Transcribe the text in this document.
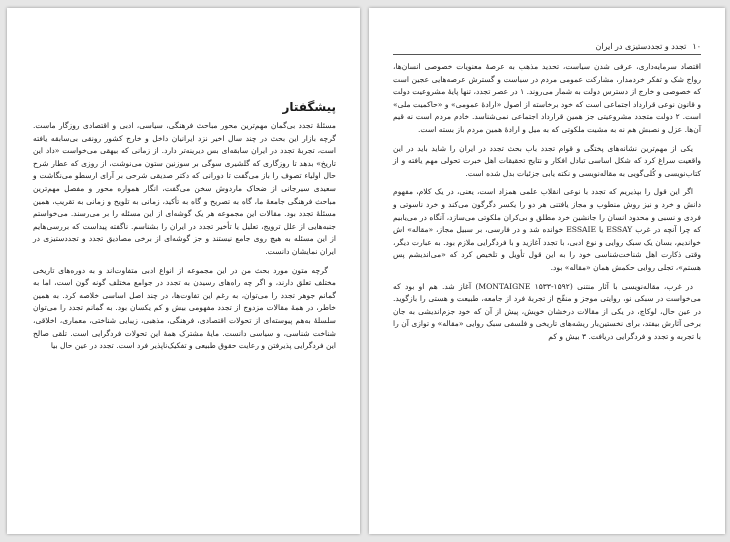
پیشگفتار

مسئلهٔ تجدد بی‌گمان مهم‌ترین محور مباحث فرهنگی، سیاسی، ادبی و اقتصادی روزگار ماست. گرچه بازار این بحث در چند سال اخیر نزد ایرانیان داخل و خارج کشور رونقی بی‌سابقه یافته است، تجربهٔ تجدد در ایران سابقه‌ای بس دیرینه‌تر دارد. از زمانی که بیهقی می‌خواست «داد این تاریخ» بدهد تا روزگاری که گلشیری سوگی بر سوزنین ستون می‌نوشت، از روزی که عطار شرح حال اولیاء تصوف را باز می‌گفت تا دورانی که دکتر صدیقی شرحی بر آرای ارسطو می‌نگاشت و سعیدی سیرجانی از ضحاک ماردوش سخن می‌گفت، انگار همواره محور و مفصل مهم‌ترین مباحث فرهنگی جامعهٔ ما، گاه به تصریح و گاه به تأکید، زمانی به تلویح و زمانی به تقریب، همین مسئلهٔ تجدد بود. مقالات این مجموعه هر یک گوشه‌ای از این مسئله را بر می‌رسند. می‌خواستم جنبه‌هایی از علل ترویج، تعلیل یا تأخیر تجدد در ایران را بشناسم. ناگفته پیداست که بررسی‌هایم از این مسئله به هیچ روی جامع نیستند و جز گوشه‌ای از برخی مصادیق تجدد و تجددستیزی در ایران نمایشان دانست.

گرچه متون مورد بحث من در این مجموعه از انواع ادبی متفاوت‌اند و به دوره‌های تاریخی مختلف تعلق دارند، و اگر چه راه‌های رسیدن به تجدد در جوامع مختلف گونه گون است، اما به گمانم جوهر تجدد را می‌توان، به رغم این تفاوت‌ها، در چند اصل اساسی خلاصه کرد. به همین خاطر، در همهٔ مقالات مزدوج از تجدد مفهومی بیش و کم یکسان بود. به گمانم تجدد را می‌توان سلسلهٔ به‌هم پیوسته‌ای از تحولات اقتصادی، فرهنگی، مذهبی، زیبایی شناختی، معماری، اخلاقی، شناخت شناسی، و سیاسی دانست. مایهٔ مشترک همهٔ این تحولات فردگرایی است. تلقی صالح این فردگرایی پذیرفتن و رعایت حقوق طبیعی و تفکیک‌ناپذیر فرد است. تجدد در عین حال بیا

۱۰
تجدد و تجددستیزی در ایران

اقتصاد سرمایه‌داری، عرفی شدن سیاست، تحدید مذهب به عرصهٔ معنویات خصوصی انسان‌ها، رواج شک و تفکر خردمدار، مشارکت عمومی مردم در سیاست و گسترش عرصه‌هایی عجین است که خصوصی و خارج از دسترس دولت به شمار می‌روند. ۱ در عصر تجدد، تنها پایهٔ مشروعیت دولت و قانون نوعی قرارداد اجتماعی است که خود برخاسته از اصول «ارادهٔ عمومی» و «حاکمیت ملی» است. ۲ دولت متجدد مشروعیتی جز همین قرارداد اجتماعی نمی‌شناسد. خادم مردم است نه قیم آن‌ها. عزل و نصبش هم نه به مشیت ملکوتی که به میل و ارادهٔ همین مردم باز بسته است.

یکی از مهم‌ترین نشانه‌های پختگی و قوام تجدد باب بحث تجدد در ایران را شاید باید در این واقعیت سراغ کرد که شکل اساسی تبادل افکار و نتایج تحقیقات اهل خبرت تحولی مهم یافته و از کتاب‌نویسی و کُلی‌گویی به مقاله‌نویسی و نکته یابی جزئیات بدل شده است.

اگر این قول را بپذیریم که تجدد با نوعی انقلاب علمی همزاد است، یعنی، در یک کلام، مفهوم دانش و خرد و نیز روش منطوب و مجاز یافتنی هر دو را یکسر دگرگون می‌کند و خرد ناسوتی و فردی و نسبی و محدود انسان را جانشین خرد مطلق و بی‌کران ملکوتی می‌سازد، آنگاه در می‌یابیم که چرا آنچه در غرب ESSAY یا ESSAIE خوانده شد و در فارسی، بر سبیل مجاز، «مقاله» اش خواندیم، بسان یک سبک روایی و نوع ادبی، با تجدد آغازید و با فردگرایی ملازم بود. به عبارت دیگر، وقتی ذکارت اهل شناخت‌شناسی خود را به این قول تأویل و تلخیص کرد که «می‌اندیشم پس هستم»، تجلی روایی حکمش همان «مقاله» بود.

در غرب، مقاله‌نویسی با آثار منتنی (MONTAIGNE ۱۵۳۳-۱۵۹۲) آغاز شد. هم او بود که می‌خواست در سبکی نو، روایتی موجز و منقّح از تجربهٔ فرد از جامعه، طبیعت و هستی را بازگوید. در عین حال، لوکاچ، در یکی از مقالات درخشان خویش، پیش از آن که خود جزم‌اندیشی به جان برخی آثارش بیفتد، برای نخستین‌بار ریشه‌های تاریخی و فلسفی سبک روایی «مقاله» و توازی آن را با تجربه و تجدد و فردگرایی دریافت. ۳ بیش و کم
